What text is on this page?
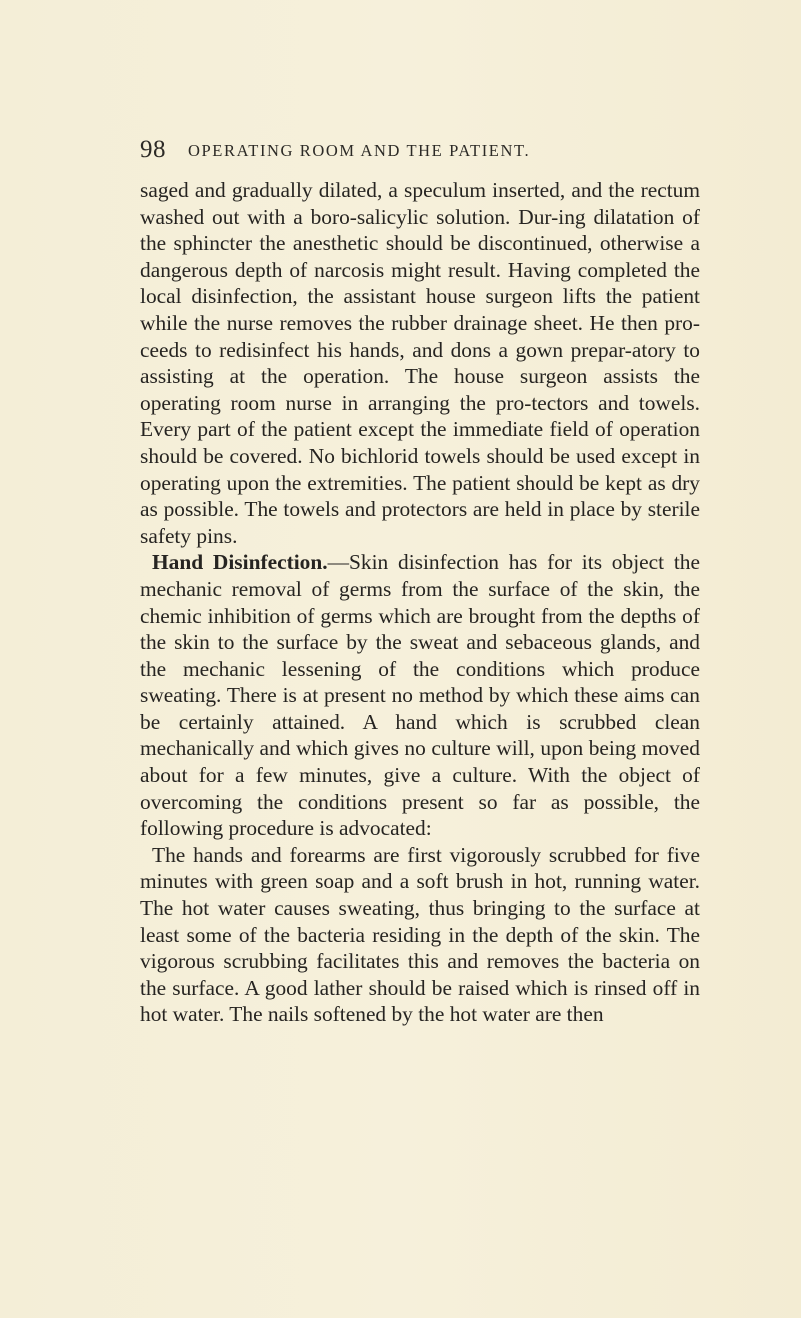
98 OPERATING ROOM AND THE PATIENT.

saged and gradually dilated, a speculum inserted, and the rectum washed out with a boro-salicylic solution. Dur-ing dilatation of the sphincter the anesthetic should be discontinued, otherwise a dangerous depth of narcosis might result. Having completed the local disinfection, the assistant house surgeon lifts the patient while the nurse removes the rubber drainage sheet. He then pro-ceeds to redisinfect his hands, and dons a gown prepar-atory to assisting at the operation. The house surgeon assists the operating room nurse in arranging the pro-tectors and towels. Every part of the patient except the immediate field of operation should be covered. No bichlorid towels should be used except in operating upon the extremities. The patient should be kept as dry as possible. The towels and protectors are held in place by sterile safety pins.

Hand Disinfection.—Skin disinfection has for its object the mechanic removal of germs from the surface of the skin, the chemic inhibition of germs which are brought from the depths of the skin to the surface by the sweat and sebaceous glands, and the mechanic lessening of the conditions which produce sweating. There is at present no method by which these aims can be certainly attained. A hand which is scrubbed clean mechanically and which gives no culture will, upon being moved about for a few minutes, give a culture. With the object of overcoming the conditions present so far as possible, the following procedure is advocated:

The hands and forearms are first vigorously scrubbed for five minutes with green soap and a soft brush in hot, running water. The hot water causes sweating, thus bringing to the surface at least some of the bacteria residing in the depth of the skin. The vigorous scrubbing facilitates this and removes the bacteria on the surface. A good lather should be raised which is rinsed off in hot water. The nails softened by the hot water are then
